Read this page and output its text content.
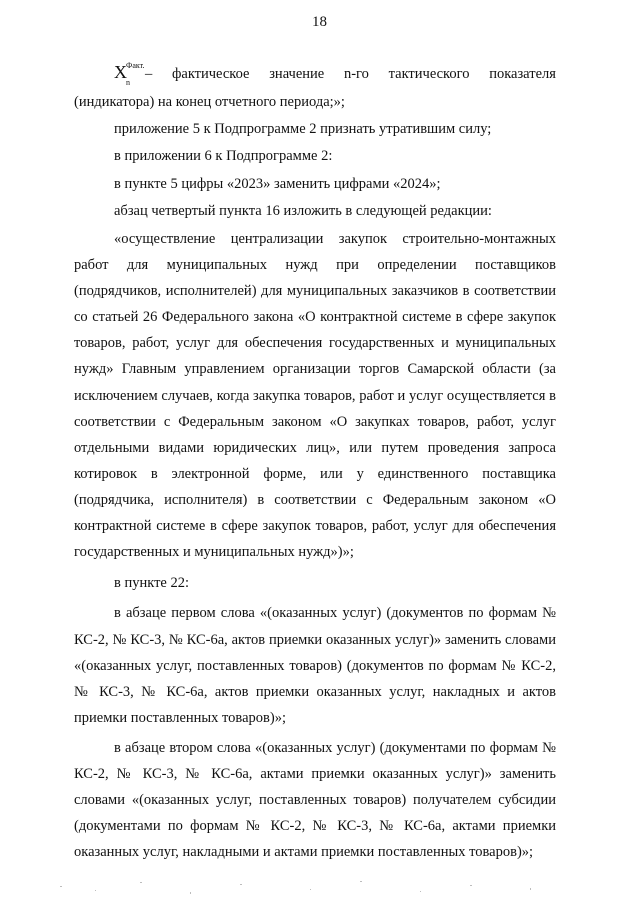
18
X Факт.
n
– фактическое значение n-го тактического показателя

(индикатора) на конец отчетного периода;»;

приложение 5 к Подпрограмме 2 признать утратившим силу;

в приложении 6 к Подпрограмме 2:

в пункте 5 цифры «2023» заменить цифрами «2024»;

абзац четвертый пункта 16 изложить в следующей редакции:

«осуществление централизации закупок строительно-монтажных работ для муниципальных нужд при определении поставщиков (подрядчиков, исполнителей) для муниципальных заказчиков в соответствии со статьей 26 Федерального закона «О контрактной системе в сфере закупок товаров, работ, услуг для обеспечения государственных и муниципальных нужд» Главным управлением организации торгов Самарской области (за исключением случаев, когда закупка товаров, работ и услуг осуществляется в соответствии с Федеральным законом «О закупках товаров, работ, услуг отдельными видами юридических лиц», или путем проведения запроса котировок в электронной форме, или у единственного поставщика (подрядчика, исполнителя) в соответствии с Федеральным законом «О контрактной системе в сфере закупок товаров, работ, услуг для обеспечения государственных и муниципальных нужд»)»;

в пункте 22:

в абзаце первом слова «(оказанных услуг) (документов по формам № КС-2, № КС-3, № КС-6а, актов приемки оказанных услуг)» заменить словами «(оказанных услуг, поставленных товаров) (документов по формам № КС-2, № КС-3, № КС-6а, актов приемки оказанных услуг, накладных и актов приемки поставленных товаров)»;

в абзаце втором слова «(оказанных услуг) (документами по формам № КС-2, № КС-3, № КС-6а, актами приемки оказанных услуг)» заменить словами «(оказанных услуг, поставленных товаров) получателем субсидии (документами по формам № КС-2, № КС-3, № КС-6а, актами приемки оказанных услуг, накладными и актами приемки поставленных товаров)»;
